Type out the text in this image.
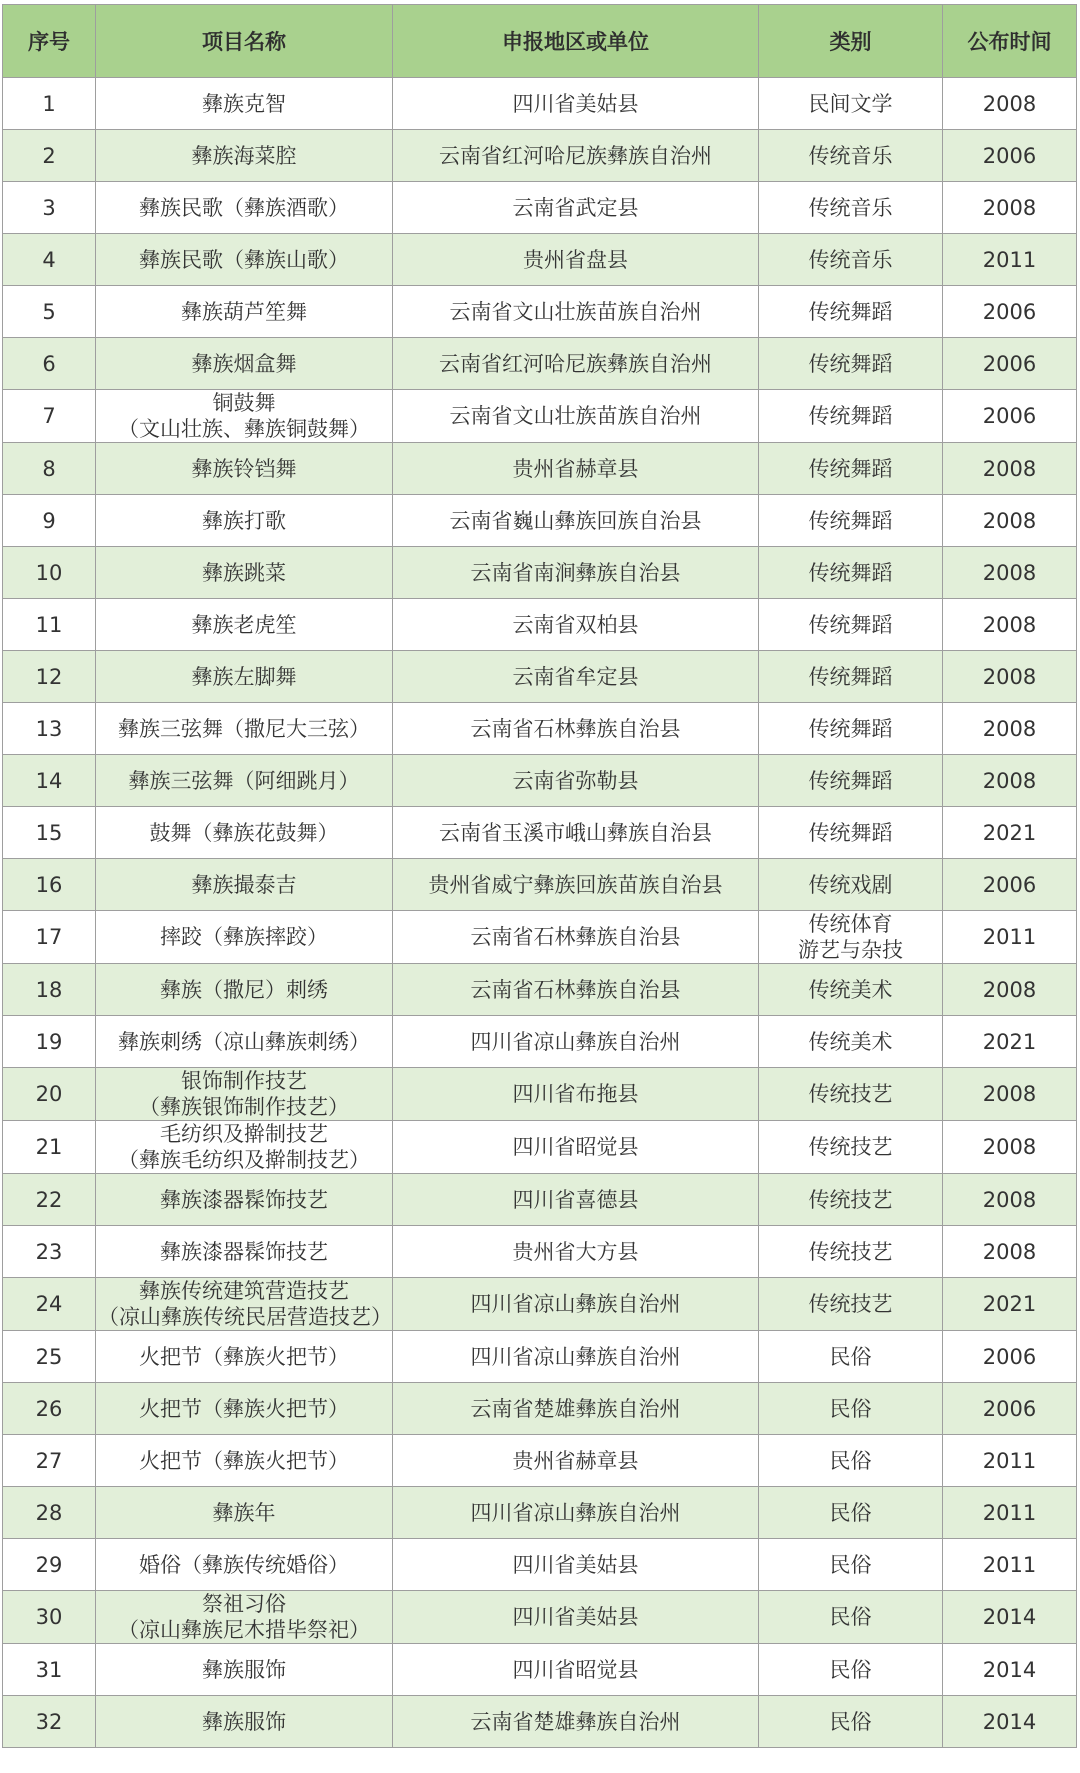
序号	项目名称	申报地区或单位	类别	公布时间
1	彝族克智	四川省美姑县	民间文学	2008
2	彝族海菜腔	云南省红河哈尼族彝族自治州	传统音乐	2006
3	彝族民歌（彝族酒歌）	云南省武定县	传统音乐	2008
4	彝族民歌（彝族山歌）	贵州省盘县	传统音乐	2011
5	彝族葫芦笙舞	云南省文山壮族苗族自治州	传统舞蹈	2006
6	彝族烟盒舞	云南省红河哈尼族彝族自治州	传统舞蹈	2006
7	铜鼓舞
（文山壮族、彝族铜鼓舞）	云南省文山壮族苗族自治州	传统舞蹈	2006
8	彝族铃铛舞	贵州省赫章县	传统舞蹈	2008
9	彝族打歌	云南省巍山彝族回族自治县	传统舞蹈	2008
10	彝族跳菜	云南省南涧彝族自治县	传统舞蹈	2008
11	彝族老虎笙	云南省双柏县	传统舞蹈	2008
12	彝族左脚舞	云南省牟定县	传统舞蹈	2008
13	彝族三弦舞（撒尼大三弦）	云南省石林彝族自治县	传统舞蹈	2008
14	彝族三弦舞（阿细跳月）	云南省弥勒县	传统舞蹈	2008
15	鼓舞（彝族花鼓舞）	云南省玉溪市峨山彝族自治县	传统舞蹈	2021
16	彝族撮泰吉	贵州省威宁彝族回族苗族自治县	传统戏剧	2006
17	摔跤（彝族摔跤）	云南省石林彝族自治县	传统体育
游艺与杂技	2011
18	彝族（撒尼）刺绣	云南省石林彝族自治县	传统美术	2008
19	彝族刺绣（凉山彝族刺绣）	四川省凉山彝族自治州	传统美术	2021
20	银饰制作技艺
（彝族银饰制作技艺）	四川省布拖县	传统技艺	2008
21	毛纺织及擀制技艺
（彝族毛纺织及擀制技艺）	四川省昭觉县	传统技艺	2008
22	彝族漆器髹饰技艺	四川省喜德县	传统技艺	2008
23	彝族漆器髹饰技艺	贵州省大方县	传统技艺	2008
24	彝族传统建筑营造技艺
（凉山彝族传统民居营造技艺）	四川省凉山彝族自治州	传统技艺	2021
25	火把节（彝族火把节）	四川省凉山彝族自治州	民俗	2006
26	火把节（彝族火把节）	云南省楚雄彝族自治州	民俗	2006
27	火把节（彝族火把节）	贵州省赫章县	民俗	2011
28	彝族年	四川省凉山彝族自治州	民俗	2011
29	婚俗（彝族传统婚俗）	四川省美姑县	民俗	2011
30	祭祖习俗
（凉山彝族尼木措毕祭祀）	四川省美姑县	民俗	2014
31	彝族服饰	四川省昭觉县	民俗	2014
32	彝族服饰	云南省楚雄彝族自治州	民俗	2014
